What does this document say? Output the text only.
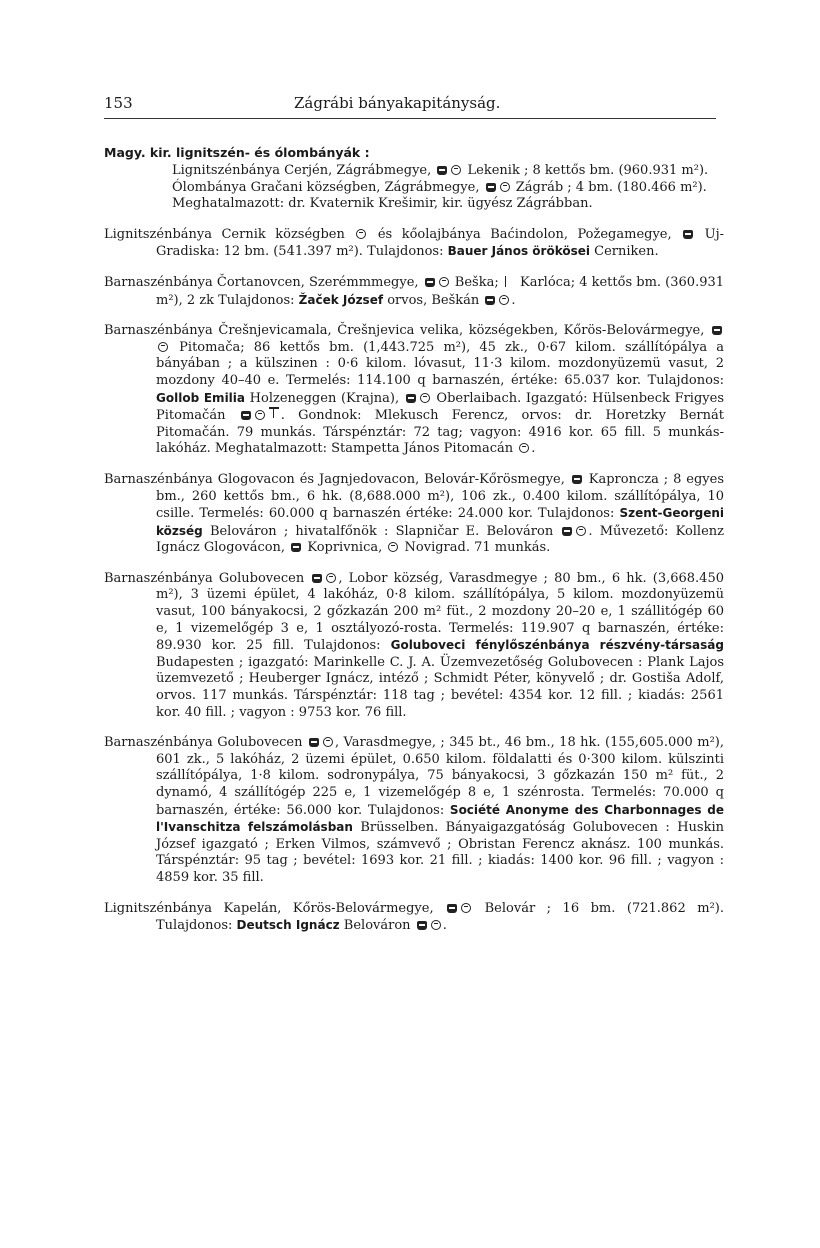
153	Zágrábi bányakapitányság.
Magy. kir. lignitszén- és ólombányák :

Lignitszénbánya Cerjén, Zágrábmegye,  Lekenik ; 8 kettős bm. (960.931 m²).

Ólombánya Gračani községben, Zágrábmegye,  Zágráb ; 4 bm. (180.466 m²).

Meghatalmazott: dr. Kvaternik Krešimir, kir. ügyész Zágrábban.

Lignitszénbánya Cernik községben  és kőolajbánya Baćindolon, Požegamegye,  Uj-Gradiska: 12 bm. (541.397 m²). Tulajdonos: Bauer János örökösei Cerniken.
Barnaszénbánya Čortanovcen, Szerémmmegye,  Beška;  Karlóca; 4 kettős bm. (360.931 m²), 2 zk Tulajdonos: Žaček József orvos, Beškán .
Barnaszénbánya Črešnjevicamala, Črešnjevica velika, községekben, Kőrös-Belovármegye,  Pitomača; 86 kettős bm. (1,443.725 m²), 45 zk., 0·67 kilom. szállítópálya a bányában ; a külszinen : 0·6 kilom. lóvasut, 11·3 kilom. mozdonyüzemü vasut, 2 mozdony 40–40 e. Termelés: 114.100 q barnaszén, értéke: 65.037 kor. Tulajdonos: Gollob Emilia Holzeneggen (Krajna),  Oberlaibach. Igazgató: Hülsenbeck Frigyes Pitomačán	. Gondnok: Mlekusch Ferencz, orvos: dr. Horetzky Bernát Pitomačán. 79 munkás. Társpénztár: 72 tag; vagyon: 4916 kor. 65 fill. 5 munkás-lakóház. Meghatalmazott: Stampetta János Pitomacán .
Barnaszénbánya Glogovacon és Jagnjedovacon, Belovár-Kőrösmegye,  Kaproncza ; 8 egyes bm., 260 kettős bm., 6 hk. (8,688.000 m²), 106 zk., 0.400 kilom. szállítópálya, 10 csille. Termelés: 60.000 q barnaszén értéke: 24.000 kor. Tulajdonos: Szent-Georgeni község Belováron ; hivatalfőnök : Slapničar E. Belováron . Művezető: Kollenz Ignácz Glogovácon,  Koprivnica,  Novigrad. 71 munkás.
Barnaszénbánya Golubovecen , Lobor község, Varasdmegye ; 80 bm., 6 hk. (3,668.450 m²), 3 üzemi épület, 4 lakóház, 0·8 kilom. szállítópálya, 5 kilom. mozdonyüzemü vasut, 100 bányakocsi, 2 gőzkazán 200 m² füt., 2 mozdony 20–20 e, 1 szállitógép 60 e, 1 vizemelőgép 3 e, 1 osztályozó-rosta. Termelés: 119.907 q barnaszén, értéke: 89.930 kor. 25 fill. Tulajdonos: Golubovecі fénylőszénbánya részvény-társaság Budapesten ; igazgató: Marinkelle C. J. A. Üzemvezetőség Golubovecen : Plank Lajos üzemvezető ; Heuberger Ignácz, intéző ; Schmidt Péter, könyvelő ; dr. Gostiša Adolf, orvos. 117 munkás. Társpénztár: 118 tag ; bevétel: 4354 kor. 12 fill. ; kiadás: 2561 kor. 40 fill. ; vagyon : 9753 kor. 76 fill.
Barnaszénbánya Golubovecen , Varasdmegye, ; 345 bt., 46 bm., 18 hk. (155,605.000 m²), 601 zk., 5 lakóház, 2 üzemi épület, 0.650 kilom. földalatti és 0·300 kilom. külszinti szállítópálya, 1·8 kilom. sodronypálya, 75 bányakocsi, 3 gőzkazán 150 m² füt., 2 dynamó, 4 szállítógép 225 e, 1 vizemelőgép 8 e, 1 szénrosta. Termelés: 70.000 q barnaszén, értéke: 56.000 kor. Tulajdonos: Société Anonyme des Charbonnages de l'Ivanschitza felszámolásban Brüsselben. Bányaigazgatóság Golubovecen : Huskin József igazgató ; Erken Vilmos, számvevő ; Obristan Ferencz aknász. 100 munkás. Társpénztár: 95 tag ; bevétel: 1693 kor. 21 fill. ; kiadás: 1400 kor. 96 fill. ; vagyon : 4859 kor. 35 fill.
Lignitszénbánya Kapelán, Kőrös-Belovármegye,  Belovár ; 16 bm. (721.862 m²). Tulajdonos: Deutsch Ignácz Belováron .
